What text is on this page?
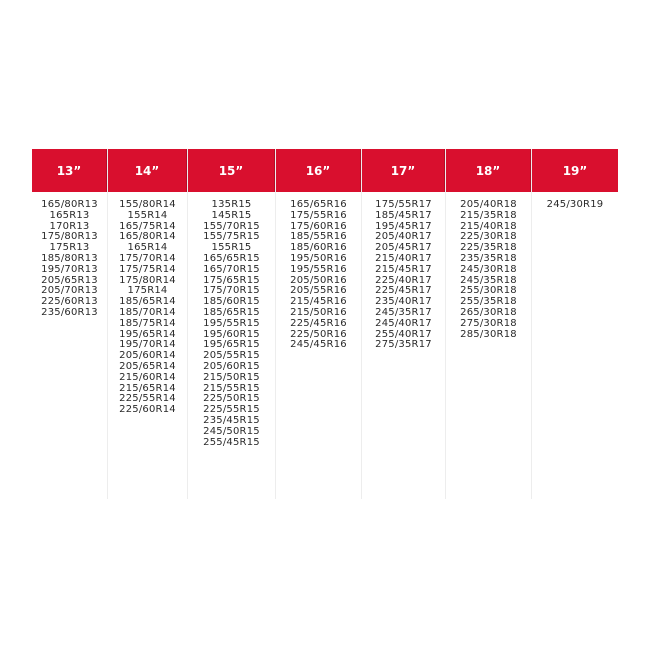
13”
165/80R13
165R13
170R13
175/80R13
175R13
185/80R13
195/70R13
205/65R13
205/70R13
225/60R13
235/60R13
14”
155/80R14
155R14
165/75R14
165/80R14
165R14
175/70R14
175/75R14
175/80R14
175R14
185/65R14
185/70R14
185/75R14
195/65R14
195/70R14
205/60R14
205/65R14
215/60R14
215/65R14
225/55R14
225/60R14
15”
135R15
145R15
155/70R15
155/75R15
155R15
165/65R15
165/70R15
175/65R15
175/70R15
185/60R15
185/65R15
195/55R15
195/60R15
195/65R15
205/55R15
205/60R15
215/50R15
215/55R15
225/50R15
225/55R15
235/45R15
245/50R15
255/45R15
16”
165/65R16
175/55R16
175/60R16
185/55R16
185/60R16
195/50R16
195/55R16
205/50R16
205/55R16
215/45R16
215/50R16
225/45R16
225/50R16
245/45R16
17”
175/55R17
185/45R17
195/45R17
205/40R17
205/45R17
215/40R17
215/45R17
225/40R17
225/45R17
235/40R17
245/35R17
245/40R17
255/40R17
275/35R17
18”
205/40R18
215/35R18
215/40R18
225/30R18
225/35R18
235/35R18
245/30R18
245/35R18
255/30R18
255/35R18
265/30R18
275/30R18
285/30R18
19”
245/30R19
